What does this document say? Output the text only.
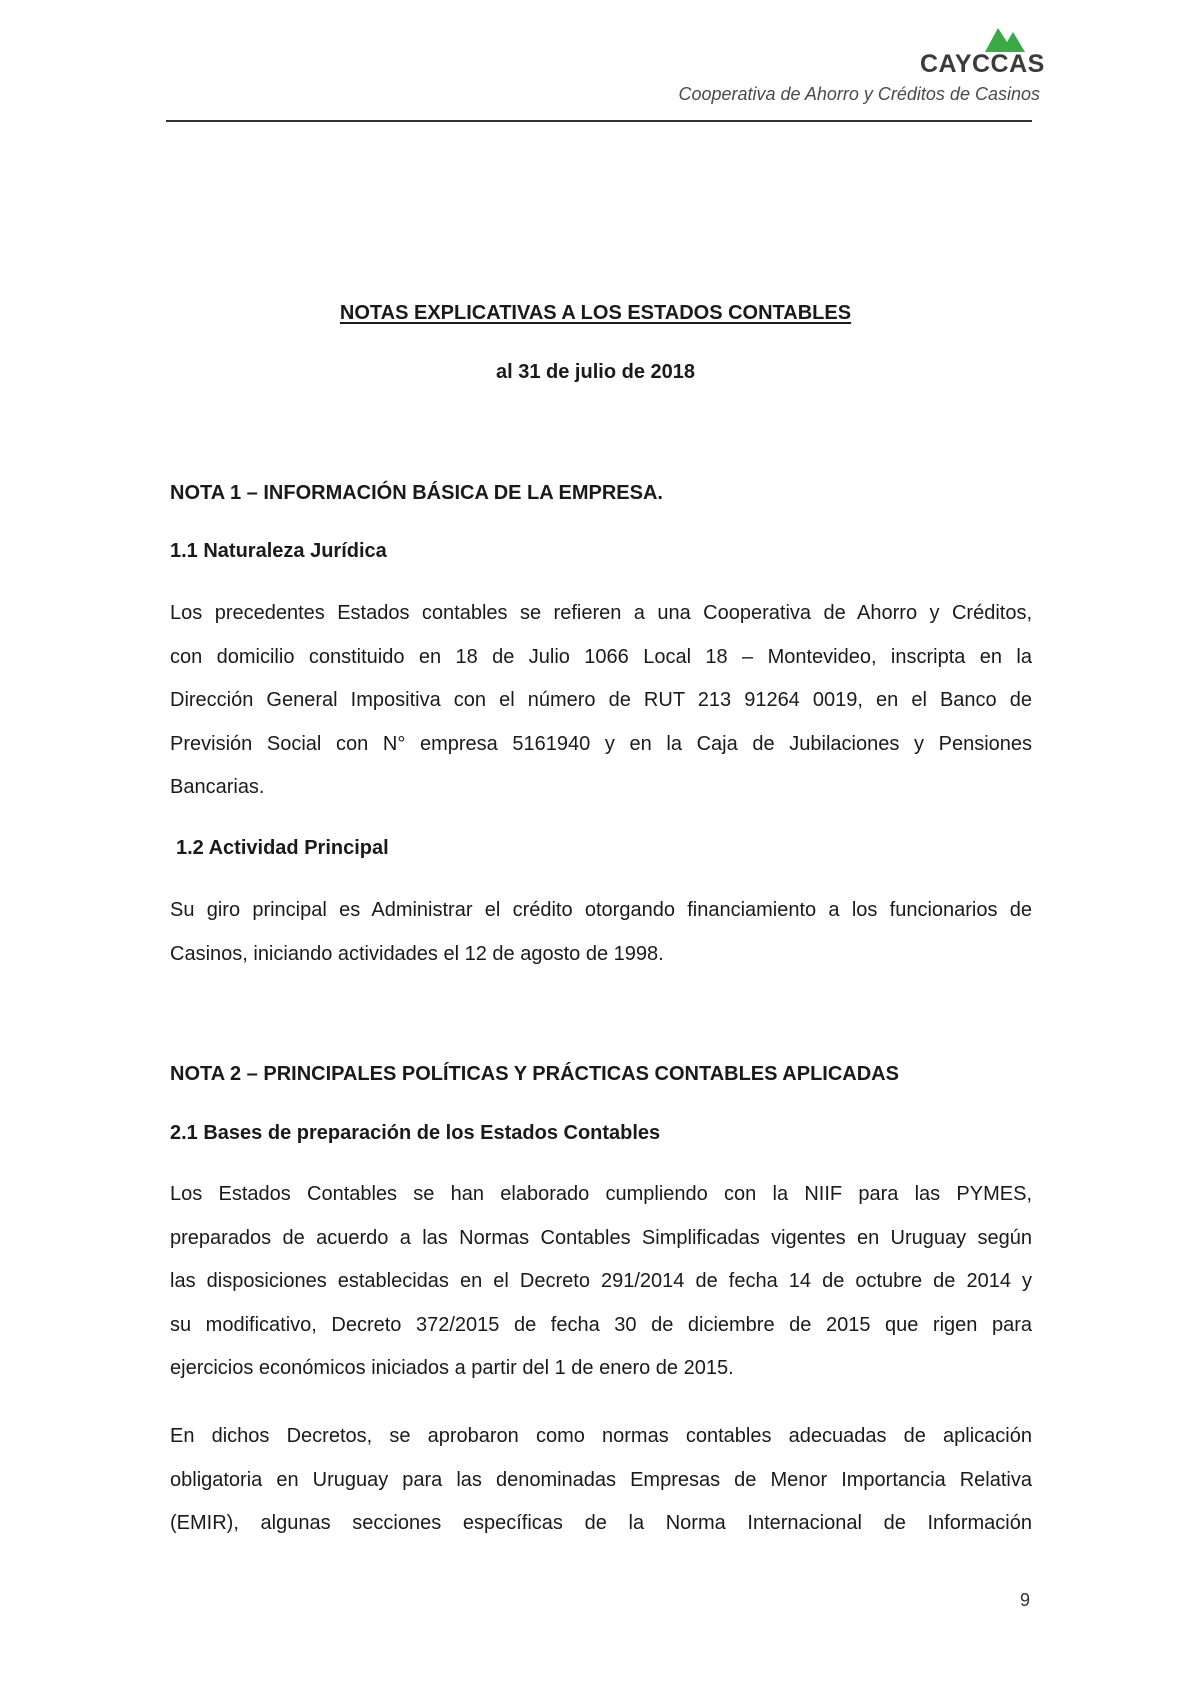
CAYCCAS
Cooperativa de Ahorro y Créditos de Casinos
NOTAS EXPLICATIVAS A LOS ESTADOS CONTABLES
al 31 de julio de 2018
NOTA 1 – INFORMACIÓN BÁSICA DE LA EMPRESA.
1.1 Naturaleza Jurídica
Los precedentes Estados contables se refieren a una Cooperativa de Ahorro y Créditos,
con domicilio constituido en 18 de Julio 1066 Local 18 – Montevideo, inscripta en la
Dirección General Impositiva con el número de RUT 213 91264 0019, en el Banco de
Previsión Social con N° empresa 5161940 y en la Caja de Jubilaciones y Pensiones
Bancarias.
1.2 Actividad Principal
Su giro principal es Administrar el crédito otorgando financiamiento a los funcionarios de
Casinos, iniciando actividades el 12 de agosto de 1998.
NOTA 2 – PRINCIPALES POLÍTICAS Y PRÁCTICAS CONTABLES APLICADAS
2.1 Bases de preparación de los Estados Contables
Los Estados Contables se han elaborado cumpliendo con la NIIF para las PYMES,
preparados de acuerdo a las Normas Contables Simplificadas vigentes en Uruguay según
las disposiciones establecidas en el Decreto 291/2014 de fecha 14 de octubre de 2014 y
su modificativo, Decreto 372/2015 de fecha 30 de diciembre de 2015 que rigen para
ejercicios económicos iniciados a partir del 1 de enero de 2015.
En dichos Decretos, se aprobaron como normas contables adecuadas de aplicación
obligatoria en Uruguay para las denominadas Empresas de Menor Importancia Relativa
(EMIR), algunas secciones específicas de la Norma Internacional de Información
9
